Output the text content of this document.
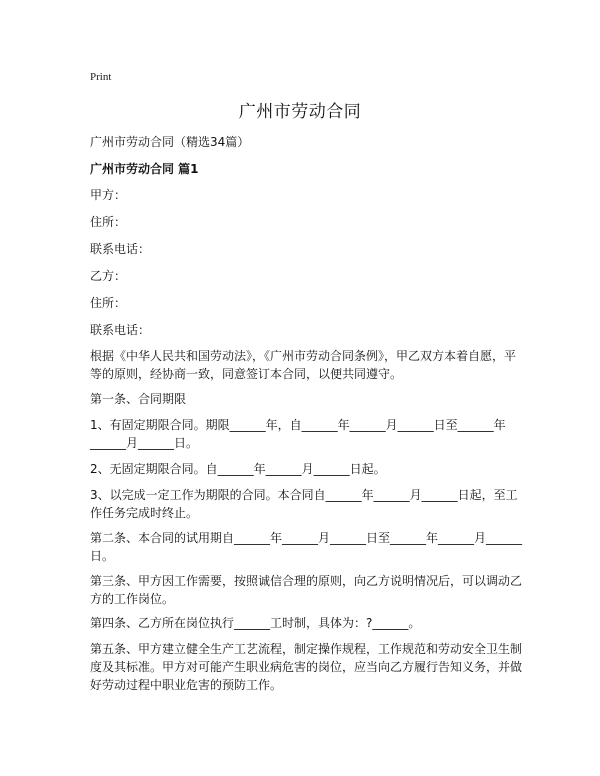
Print
广州市劳动合同
广州市劳动合同（精选34篇）
广州市劳动合同 篇1
甲方：
住所：
联系电话：
乙方：
住所：
联系电话：
根据《中华人民共和国劳动法》，《广州市劳动合同条例》，甲乙双方本着自愿，平等的原则，经协商一致，同意签订本合同，以便共同遵守。
第一条、合同期限
1、有固定期限合同。期限______年，自______年______月______日至______年______月______日。
2、无固定期限合同。自______年______月______日起。
3、以完成一定工作为期限的合同。本合同自______年______月______日起，至工作任务完成时终止。
第二条、本合同的试用期自______年______月______日至______年______月______日。
第三条、甲方因工作需要，按照诚信合理的原则，向乙方说明情况后，可以调动乙方的工作岗位。
第四条、乙方所在岗位执行______工时制，具体为：?______。
第五条、甲方建立健全生产工艺流程，制定操作规程，工作规范和劳动安全卫生制度及其标准。甲方对可能产生职业病危害的岗位，应当向乙方履行告知义务，并做好劳动过程中职业危害的预防工作。
